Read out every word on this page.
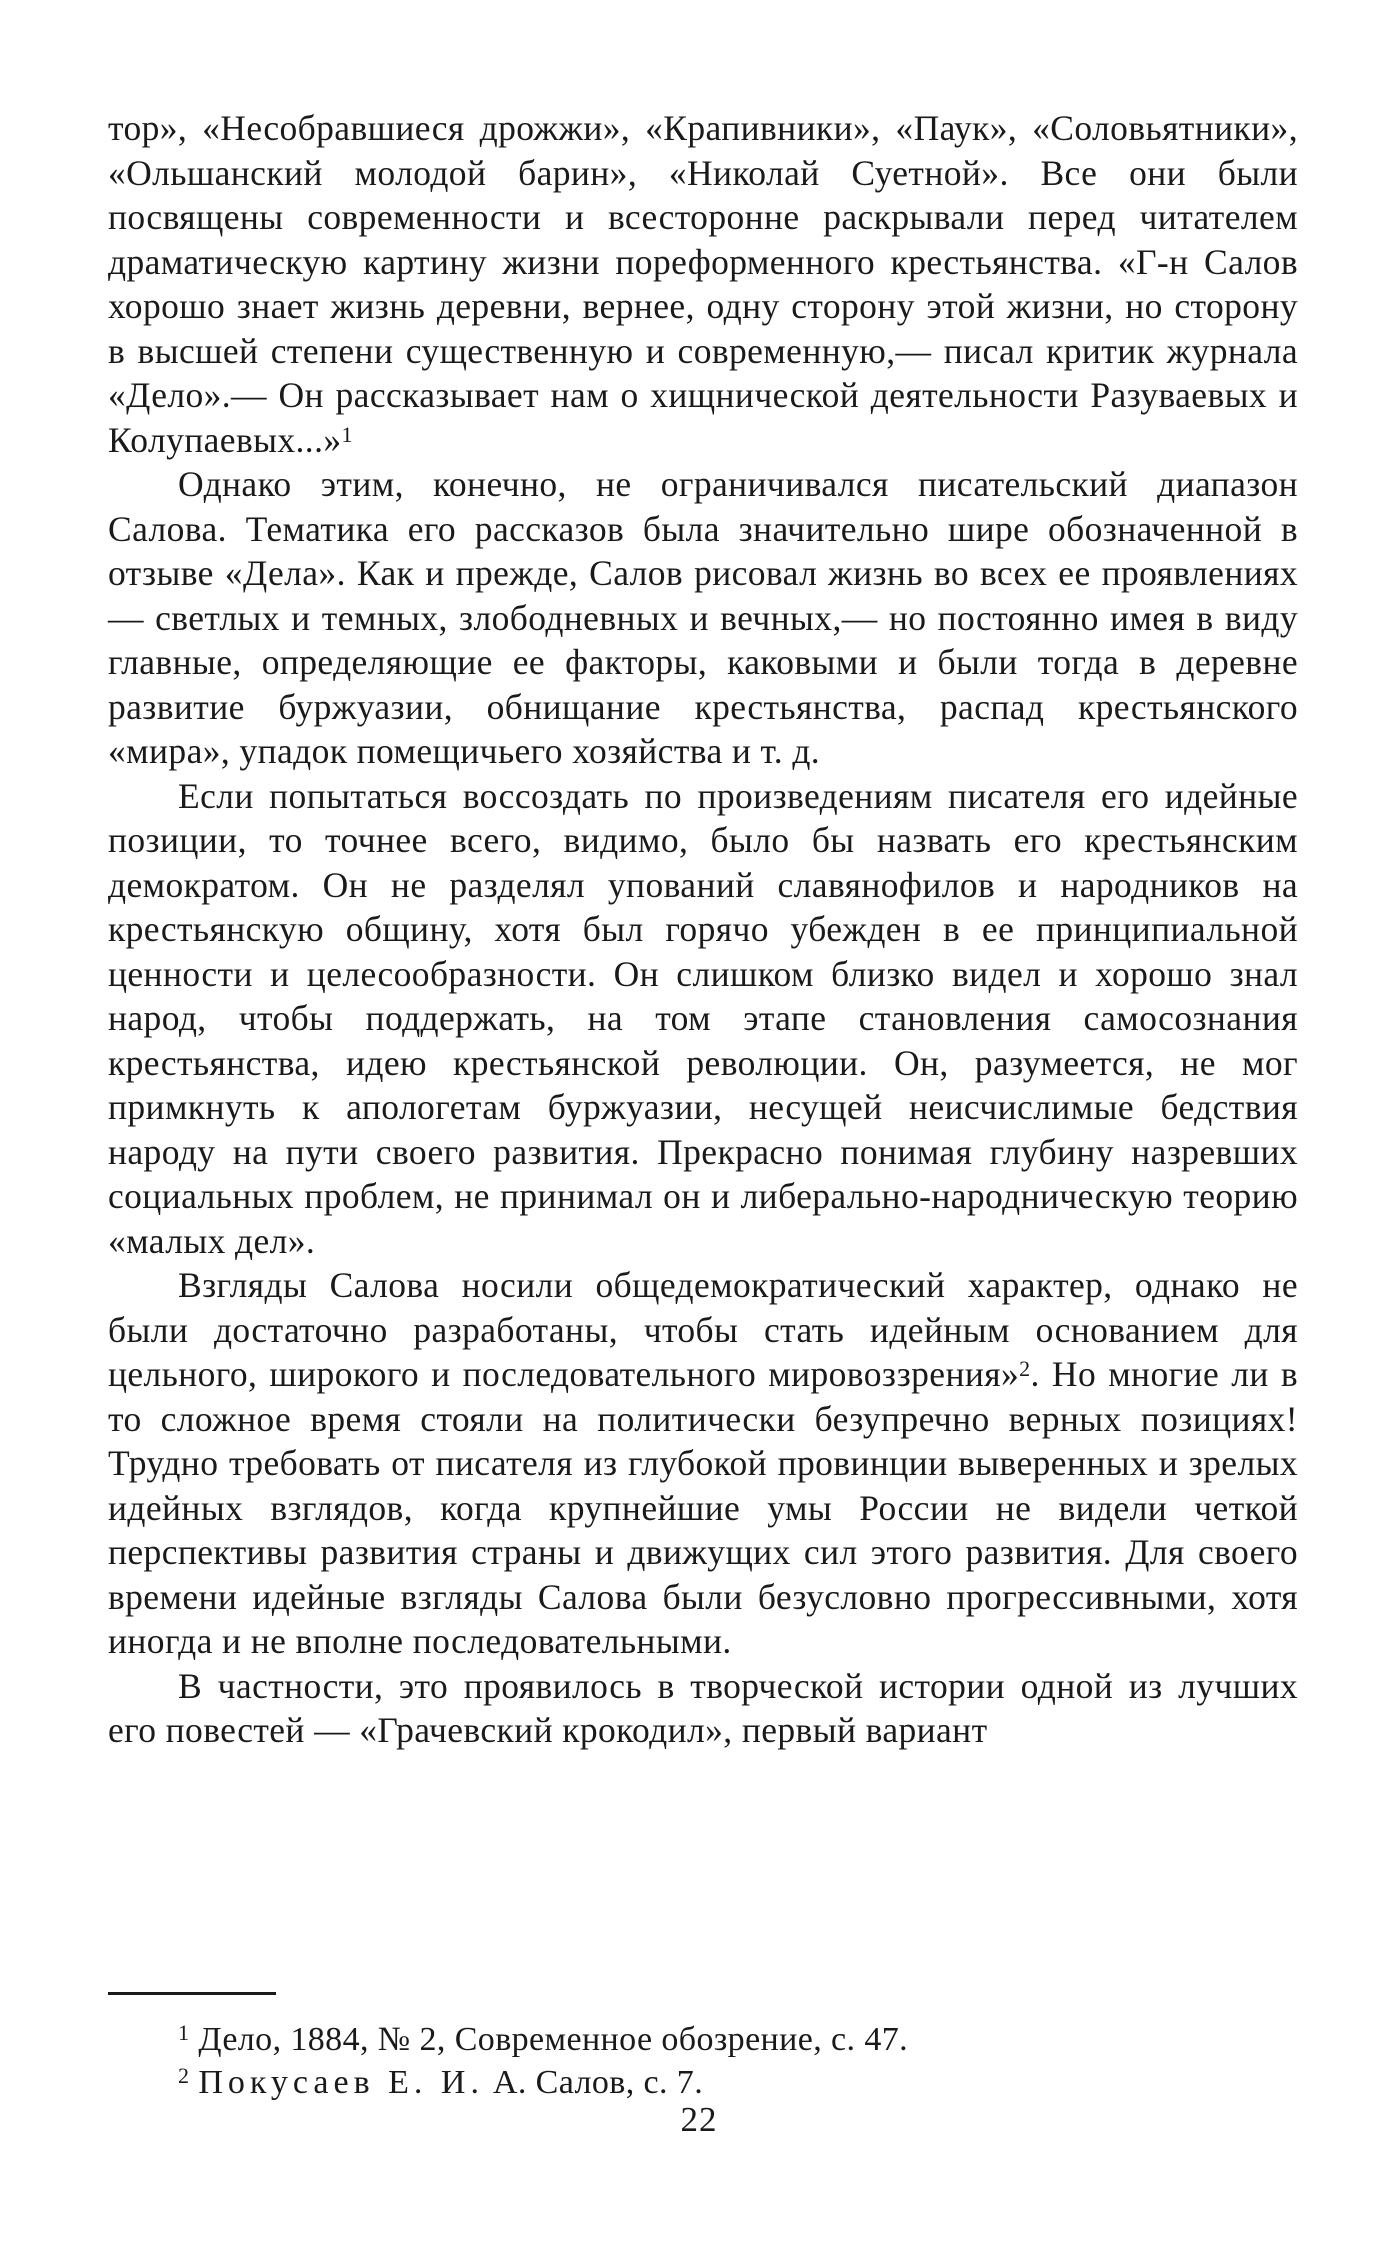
тор», «Несобравшиеся дрожжи», «Крапивники», «Паук», «Соловьятники», «Ольшанский молодой барин», «Николай Суетной». Все они были посвящены современности и всесторонне раскрывали перед читателем драматическую картину жизни пореформенного крестьянства. «Г-н Салов хорошо знает жизнь деревни, вернее, одну сторону этой жизни, но сторону в высшей степени существенную и современную,— писал критик журнала «Дело».— Он рассказывает нам о хищнической деятельности Разуваевых и Колупаевых...»$^1$

Однако этим, конечно, не ограничивался писательский диапазон Салова. Тематика его рассказов была значительно шире обозначенной в отзыве «Дела». Как и прежде, Салов рисовал жизнь во всех ее проявлениях — светлых и темных, злободневных и вечных,— но постоянно имея в виду главные, определяющие ее факторы, каковыми и были тогда в деревне развитие буржуазии, обнищание крестьянства, распад крестьянского «мира», упадок помещичьего хозяйства и т. д.

Если попытаться воссоздать по произведениям писателя его идейные позиции, то точнее всего, видимо, было бы назвать его крестьянским демократом. Он не разделял упований славянофилов и народников на крестьянскую общину, хотя был горячо убежден в ее принципиальной ценности и целесообразности. Он слишком близко видел и хорошо знал народ, чтобы поддержать, на том этапе становления самосознания крестьянства, идею крестьянской революции. Он, разумеется, не мог примкнуть к апологетам буржуазии, несущей неисчислимые бедствия народу на пути своего развития. Прекрасно понимая глубину назревших социальных проблем, не принимал он и либерально-народническую теорию «малых дел».

Взгляды Салова носили общедемократический характер, однако не были достаточно разработаны, чтобы стать идейным основанием для цельного, широкого и последовательного мировоззрения»$^2$. Но многие ли в то сложное время стояли на политически безупречно верных позициях! Трудно требовать от писателя из глубокой провинции выверенных и зрелых идейных взглядов, когда крупнейшие умы России не видели четкой перспективы развития страны и движущих сил этого развития. Для своего времени идейные взгляды Салова были безусловно прогрессивными, хотя иногда и не вполне последовательными.

В частности, это проявилось в творческой истории одной из лучших его повестей — «Грачевский крокодил», первый вариант

$^1$ Дело, 1884, № 2, Современное обозрение, с. 47.

$^2$ Покусаев Е. И. А. Салов, с. 7.

22
